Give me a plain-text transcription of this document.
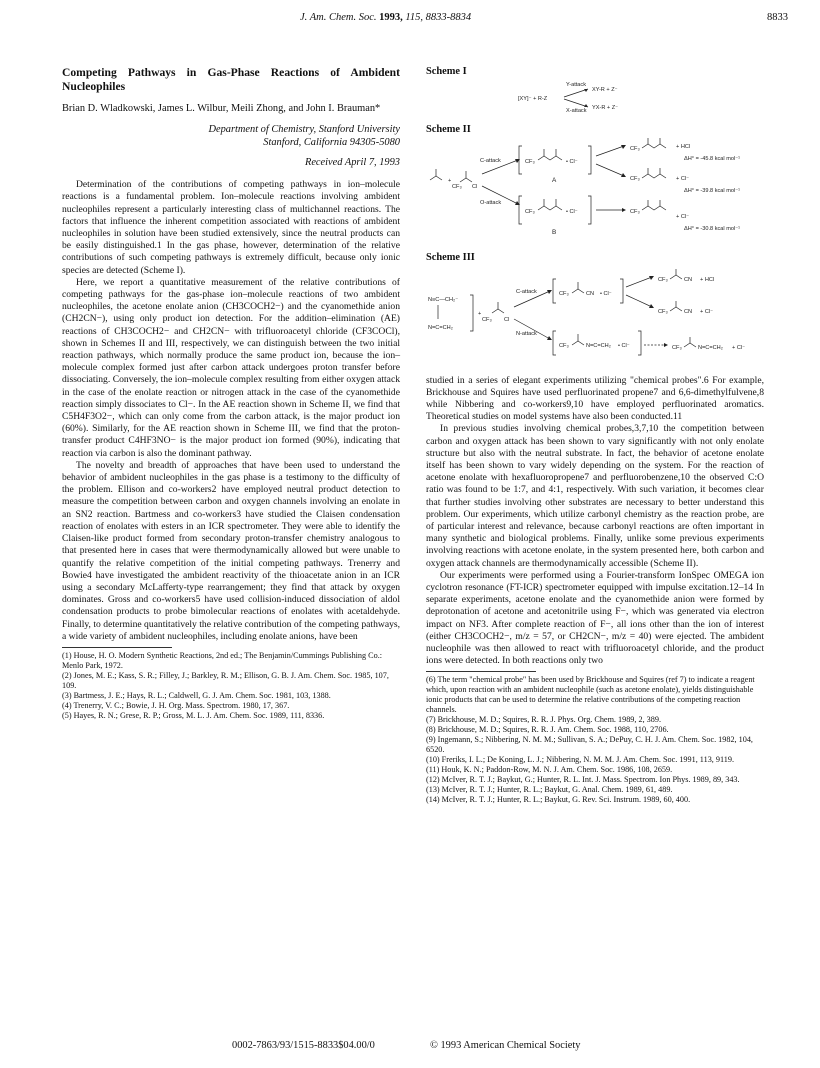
J. Am. Chem. Soc. 1993, 115, 8833-8834	8833
Competing Pathways in Gas-Phase Reactions of Ambident Nucleophiles
Brian D. Wladkowski, James L. Wilbur, Meili Zhong, and John I. Brauman*
Department of Chemistry, Stanford University
Stanford, California 94305-5080
Received April 7, 1993

Determination of the contributions of competing pathways in ion–molecule reactions is a fundamental problem. Ion–molecule reactions involving ambident nucleophiles represent a particularly interesting class of multichannel reactions. The factors that influence the inherent competition associated with reactions of ambident nucleophiles in solution have been studied extensively, since the neutral products can be easily distinguished.1 In the gas phase, however, determination of the relative contributions of such competing pathways is extremely difficult, because only ionic species are detected (Scheme I).

Here, we report a quantitative measurement of the relative contributions of competing pathways for the gas-phase ion–molecule reactions of two ambident nucleophiles, the acetone enolate anion (CH3COCH2−) and the cyanomethide anion (CH2CN−), using only product ion detection. For the addition–elimination (AE) reactions of CH3COCH2− and CH2CN− with trifluoroacetyl chloride (CF3COCl), shown in Schemes II and III, respectively, we can distinguish between the two initial reaction pathways, which normally produce the same product ion, because the ion–molecule complex formed just after carbon attack undergoes proton transfer before dissociating. Conversely, the ion–molecule complex resulting from either oxygen attack in the case of the enolate reaction or nitrogen attack in the case of the cyanomethide reaction simply dissociates to Cl−. In the AE reaction shown in Scheme II, we find that C5H4F3O2−, which can only come from the carbon attack, is the major product ion (60%). Similarly, for the AE reaction shown in Scheme III, we find that the proton-transfer product C4HF3NO− is the major product ion formed (90%), indicating that reaction via carbon is also the dominant pathway.

The novelty and breadth of approaches that have been used to understand the behavior of ambident nucleophiles in the gas phase is a testimony to the difficulty of the problem. Ellison and co-workers2 have employed neutral product detection to measure the competition between carbon and oxygen channels involving an enolate in an SN2 reaction. Bartmess and co-workers3 have studied the Claisen condensation reaction of enolates with esters in an ICR spectrometer. They were able to identify the Claisen-like product formed from secondary proton-transfer chemistry analogous to that presented here in cases that were thermodynamically allowed but were unable to quantify the relative competition of the initial competing pathways. Trenerry and Bowie4 have investigated the ambident reactivity of the thioacetate anion in an ICR using a secondary McLafferty-type rearrangement; they find that attack by oxygen dominates. Gross and co-workers5 have used collision-induced dissociation of aldol condensation products to probe bimolecular reactions of enolates with acetaldehyde. Finally, to determine quantitatively the relative contribution of the competing pathways, a wide variety of ambident nucleophiles, including enolate anions, have been

(1) House, H. O. Modern Synthetic Reactions, 2nd ed.; The Benjamin/Cummings Publishing Co.: Menlo Park, 1972.
(2) Jones, M. E.; Kass, S. R.; Filley, J.; Barkley, R. M.; Ellison, G. B. J. Am. Chem. Soc. 1985, 107, 109.
(3) Bartmess, J. E.; Hays, R. L.; Caldwell, G. J. Am. Chem. Soc. 1981, 103, 1388.
(4) Trenerry, V. C.; Bowie, J. H. Org. Mass. Spectrom. 1980, 17, 367.
(5) Hayes, R. N.; Grese, R. P.; Gross, M. L. J. Am. Chem. Soc. 1989, 111, 8336.
Scheme I
[XY]⁻ + R-Z
Y-attack
X-attack
XY-R + Z⁻
YX-R + Z⁻
Scheme II
+
CF₃ Cl
C-attack
O-attack
CF₃	• Cl⁻
A
CF₃	• Cl⁻
B
CF₃	+ HCl
ΔH° = -45.8 kcal mol⁻¹
CF₃	+ Cl⁻
ΔH° = -39.8 kcal mol⁻¹
CF₃
+ Cl⁻
ΔH° = -30.8 kcal mol⁻¹
Scheme III
N≡C—CH₂⁻
N=C=CH₂
+
CF₃ Cl
C-attack
N-attack
CF₃	CN • Cl⁻
CF₃	N=C=CH₂ • Cl⁻
CF₃	CN + HCl
CF₃	CN + Cl⁻
CF₃	N=C=CH₂ + Cl⁻

studied in a series of elegant experiments utilizing "chemical probes".6 For example, Brickhouse and Squires have used perfluorinated propene7 and 6,6-dimethylfulvene,8 while Nibbering and co-workers9,10 have employed perfluorinated aromatics. Theoretical studies on model systems have also been conducted.11

In previous studies involving chemical probes,3,7,10 the competition between carbon and oxygen attack has been shown to vary significantly with not only enolate structure but also with the neutral substrate. In fact, the behavior of acetone enolate itself has been shown to vary widely depending on the system. For the reaction of acetone enolate with hexafluoropropene7 and perfluorobenzene,10 the observed C:O ratio was found to be 1:7, and 4:1, respectively. With such variation, it becomes clear that further studies involving other substrates are necessary to better understand this problem. Our experiments, which utilize carbonyl chemistry as the reaction probe, are of particular interest and relevance, because carbonyl reactions are often important in many synthetic and biological problems. Finally, unlike some previous experiments involving reactions with acetone enolate, in the system presented here, both carbon and oxygen attack channels are thermodynamically accessible (Scheme II).

Our experiments were performed using a Fourier-transform IonSpec OMEGA ion cyclotron resonance (FT-ICR) spectrometer equipped with impulse excitation.12–14 In separate experiments, acetone enolate and the cyanomethide anion were formed by deprotonation of acetone and acetonitrile using F−, which was generated via electron impact on NF3. After complete reaction of F−, all ions other than the ion of interest (either CH3COCH2−, m/z = 57, or CH2CN−, m/z = 40) were ejected. The ambident nucleophile was then allowed to react with trifluoroacetyl chloride, and the product ions were detected. In both reactions only two

(6) The term "chemical probe" has been used by Brickhouse and Squires (ref 7) to indicate a reagent which, upon reaction with an ambident nucleophile (such as acetone enolate), yields distinguishable ionic products that can be used to determine the relative contributions of the competing reaction channels.
(7) Brickhouse, M. D.; Squires, R. R. J. Phys. Org. Chem. 1989, 2, 389.
(8) Brickhouse, M. D.; Squires, R. R. J. Am. Chem. Soc. 1988, 110, 2706.
(9) Ingemann, S.; Nibbering, N. M. M.; Sullivan, S. A.; DePuy, C. H. J. Am. Chem. Soc. 1982, 104, 6520.
(10) Freriks, I. L.; De Koning, L. J.; Nibbering, N. M. M. J. Am. Chem. Soc. 1991, 113, 9119.
(11) Houk, K. N.; Paddon-Row, M. N. J. Am. Chem. Soc. 1986, 108, 2659.
(12) McIver, R. T. J.; Baykut, G.; Hunter, R. L. Int. J. Mass. Spectrom. Ion Phys. 1989, 89, 343.
(13) McIver, R. T. J.; Hunter, R. L.; Baykut, G. Anal. Chem. 1989, 61, 489.
(14) McIver, R. T. J.; Hunter, R. L.; Baykut, G. Rev. Sci. Instrum. 1989, 60, 400.
0002-7863/93/1515-8833$04.00/0	© 1993 American Chemical Society
